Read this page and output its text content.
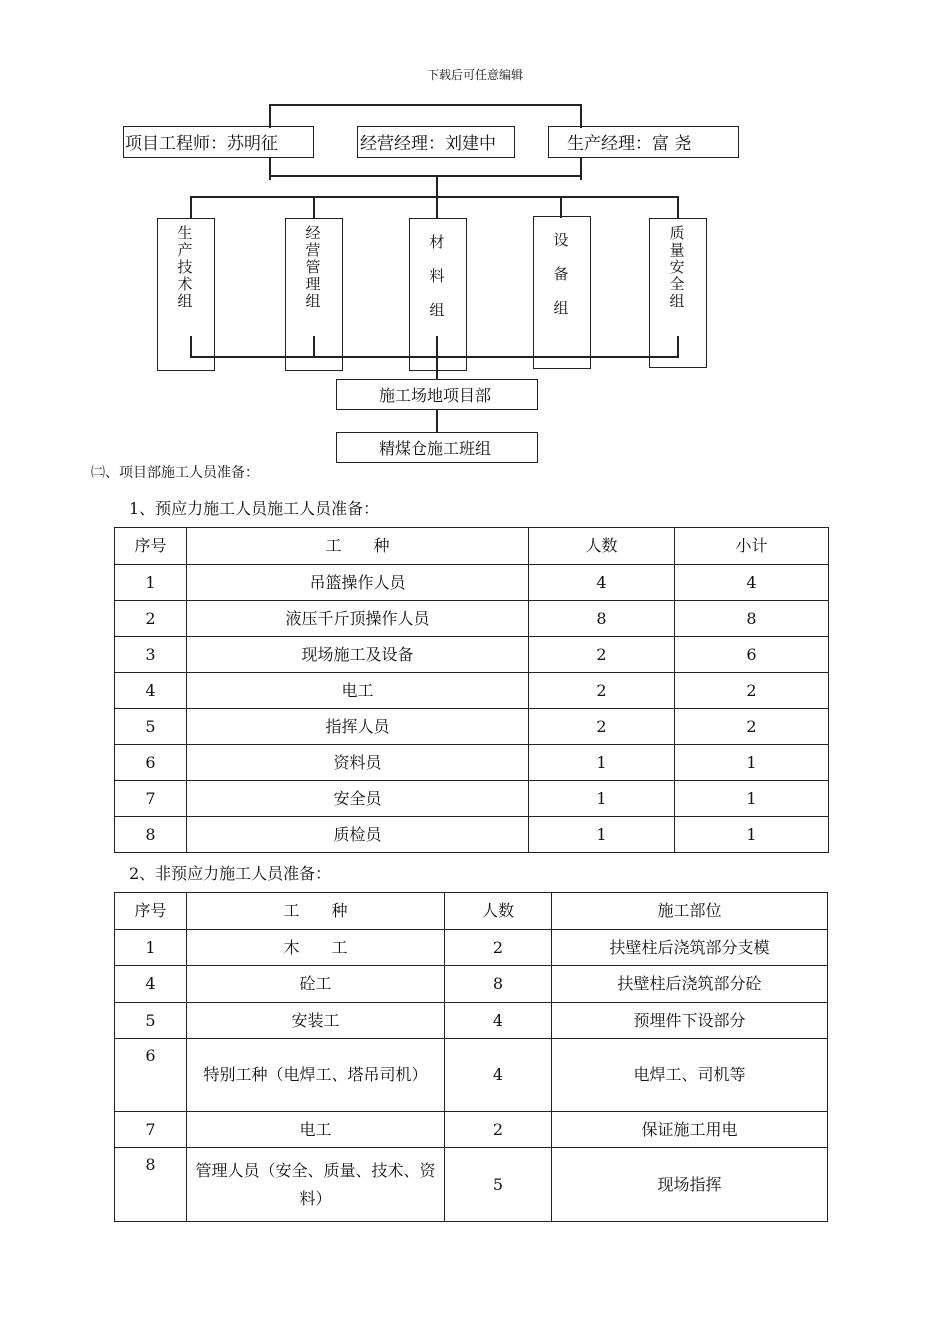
下载后可任意编辑
项目工程师：苏明征	经营经理：刘建中	生产经理：富 尧
生
产
技
术
组
经
营
管
理
组
材
料
组
设
备
组
质
量
安
全
组
施工场地项目部
精煤仓施工班组
㈡、项目部施工人员准备：
1、预应力施工人员施工人员准备：
序号	工　　种	人数	小计
1	吊篮操作人员	4	4
2	液压千斤顶操作人员	8	8
3	现场施工及设备	2	6
4	电工	2	2
5	指挥人员	2	2
6	资料员	1	1
7	安全员	1	1
8	质检员	1	1
2、非预应力施工人员准备：
序号	工　　种	人数	施工部位
1	木　　工	2	扶壁柱后浇筑部分支模
4	砼工	8	扶壁柱后浇筑部分砼
5	安装工	4	预埋件下设部分
6	特别工种（电焊工、塔吊司机）	4	电焊工、司机等
7	电工	2	保证施工用电
8	管理人员（安全、质量、技术、资料）	5	现场指挥
